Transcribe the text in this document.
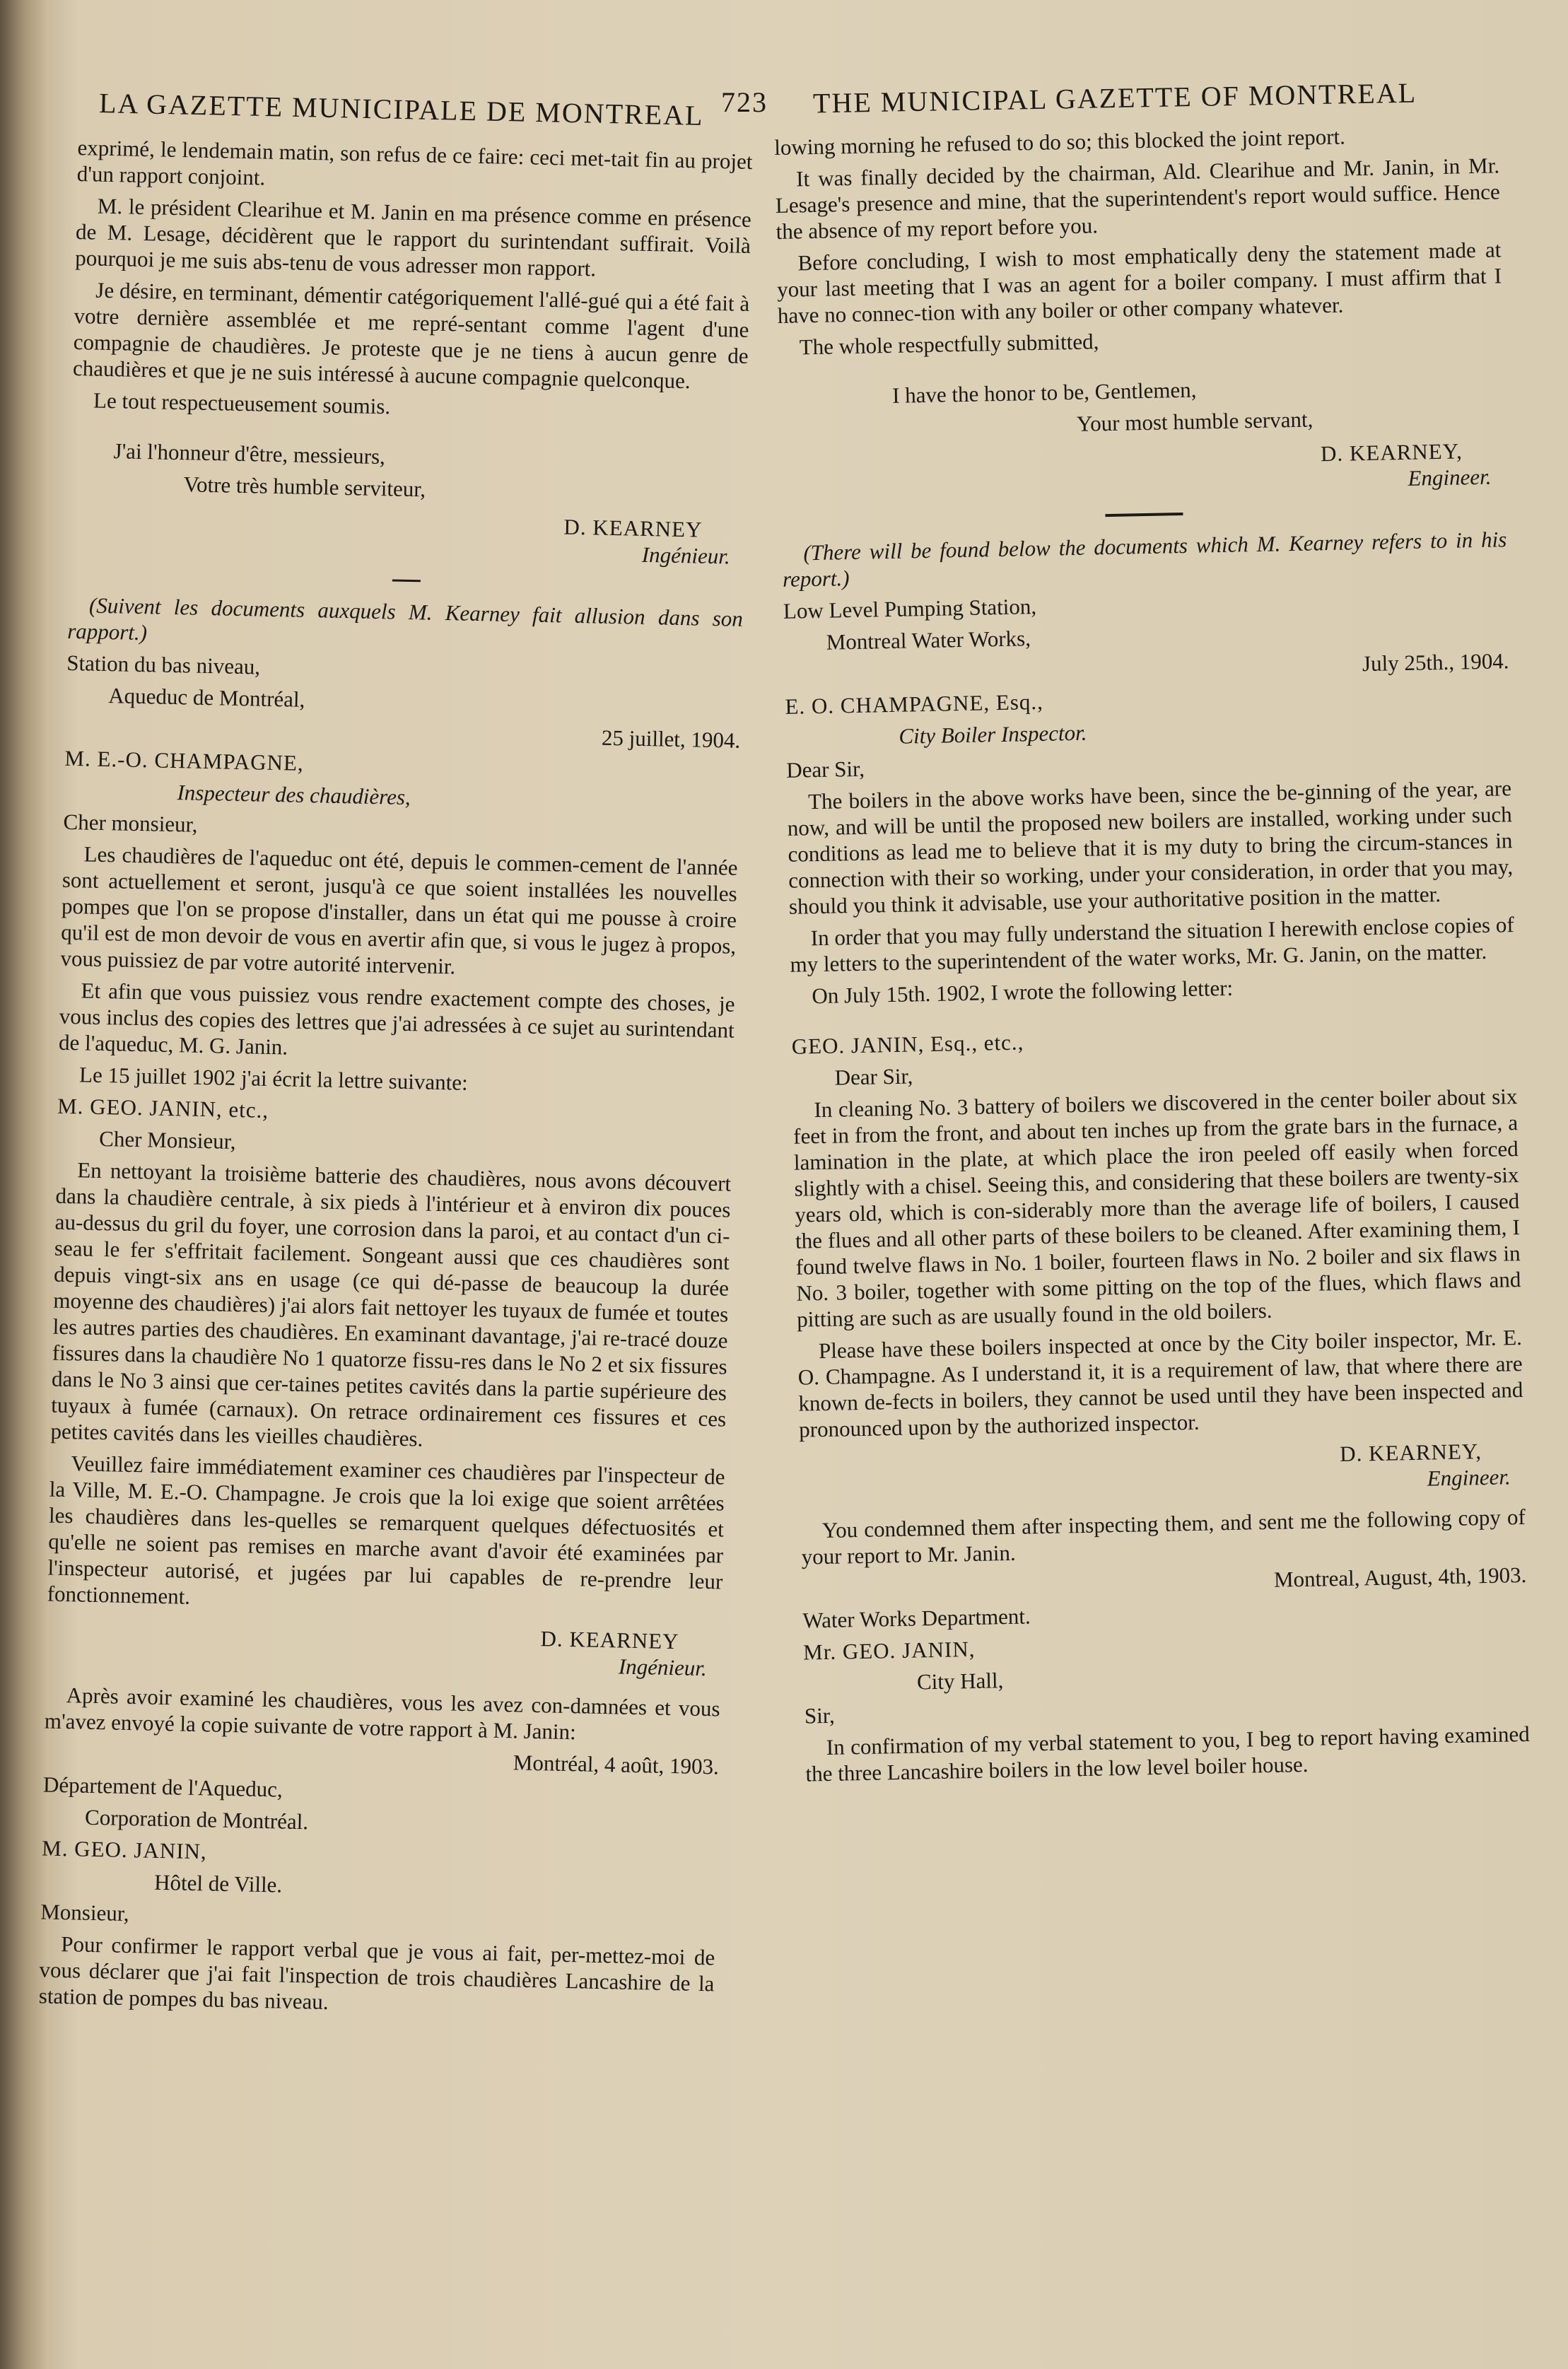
LA GAZETTE MUNICIPALE DE MONTREAL 723 THE MUNICIPAL GAZETTE OF MONTREAL

exprimé, le lendemain matin, son refus de ce faire: ceci met-tait fin au projet d'un rapport conjoint.

M. le président Clearihue et M. Janin en ma présence comme en présence de M. Lesage, décidèrent que le rapport du surintendant suffirait. Voilà pourquoi je me suis abs-tenu de vous adresser mon rapport.

Je désire, en terminant, démentir catégoriquement l'allé-gué qui a été fait à votre dernière assemblée et me repré-sentant comme l'agent d'une compagnie de chaudières. Je proteste que je ne tiens à aucun genre de chaudières et que je ne suis intéressé à aucune compagnie quelconque.

Le tout respectueusement soumis.

J'ai l'honneur d'être, messieurs,

Votre très humble serviteur,

D. KEARNEY

Ingénieur.

(Suivent les documents auxquels M. Kearney fait allusion dans son rapport.)

Station du bas niveau,

Aqueduc de Montréal,

25 juillet, 1904.

M. E.-O. CHAMPAGNE,

Inspecteur des chaudières,

Cher monsieur,

Les chaudières de l'aqueduc ont été, depuis le commen-cement de l'année sont actuellement et seront, jusqu'à ce que soient installées les nouvelles pompes que l'on se propose d'installer, dans un état qui me pousse à croire qu'il est de mon devoir de vous en avertir afin que, si vous le jugez à propos, vous puissiez de par votre autorité intervenir.

Et afin que vous puissiez vous rendre exactement compte des choses, je vous inclus des copies des lettres que j'ai adressées à ce sujet au surintendant de l'aqueduc, M. G. Janin.

Le 15 juillet 1902 j'ai écrit la lettre suivante:

M. GEO. JANIN, etc.,

Cher Monsieur,

En nettoyant la troisième batterie des chaudières, nous avons découvert dans la chaudière centrale, à six pieds à l'intérieur et à environ dix pouces au-dessus du gril du foyer, une corrosion dans la paroi, et au contact d'un ci-seau le fer s'effritait facilement. Songeant aussi que ces chaudières sont depuis vingt-six ans en usage (ce qui dé-passe de beaucoup la durée moyenne des chaudières) j'ai alors fait nettoyer les tuyaux de fumée et toutes les autres parties des chaudières. En examinant davantage, j'ai re-tracé douze fissures dans la chaudière No 1 quatorze fissu-res dans le No 2 et six fissures dans le No 3 ainsi que cer-taines petites cavités dans la partie supérieure des tuyaux à fumée (carnaux). On retrace ordinairement ces fissures et ces petites cavités dans les vieilles chaudières.

Veuillez faire immédiatement examiner ces chaudières par l'inspecteur de la Ville, M. E.-O. Champagne. Je crois que la loi exige que soient arrêtées les chaudières dans les-quelles se remarquent quelques défectuosités et qu'elle ne soient pas remises en marche avant d'avoir été examinées par l'inspecteur autorisé, et jugées par lui capables de re-prendre leur fonctionnement.

D. KEARNEY

Ingénieur.

Après avoir examiné les chaudières, vous les avez con-damnées et vous m'avez envoyé la copie suivante de votre rapport à M. Janin:

Montréal, 4 août, 1903.

Département de l'Aqueduc,

Corporation de Montréal.

M. GEO. JANIN,

Hôtel de Ville.

Monsieur,

Pour confirmer le rapport verbal que je vous ai fait, per-mettez-moi de vous déclarer que j'ai fait l'inspection de trois chaudières Lancashire de la station de pompes du bas niveau.

lowing morning he refused to do so; this blocked the joint report.

It was finally decided by the chairman, Ald. Clearihue and Mr. Janin, in Mr. Lesage's presence and mine, that the superintendent's report would suffice. Hence the absence of my report before you.

Before concluding, I wish to most emphatically deny the statement made at your last meeting that I was an agent for a boiler company. I must affirm that I have no connec-tion with any boiler or other company whatever.

The whole respectfully submitted,

I have the honor to be, Gentlemen,

Your most humble servant,

D. KEARNEY,

Engineer.

(There will be found below the documents which M. Kearney refers to in his report.)

Low Level Pumping Station,

Montreal Water Works,

July 25th., 1904.

E. O. CHAMPAGNE, Esq.,

City Boiler Inspector.

Dear Sir,

The boilers in the above works have been, since the be-ginning of the year, are now, and will be until the proposed new boilers are installed, working under such conditions as lead me to believe that it is my duty to bring the circum-stances in connection with their so working, under your consideration, in order that you may, should you think it advisable, use your authoritative position in the matter.

In order that you may fully understand the situation I herewith enclose copies of my letters to the superintendent of the water works, Mr. G. Janin, on the matter.

On July 15th. 1902, I wrote the following letter:

GEO. JANIN, Esq., etc.,

Dear Sir,

In cleaning No. 3 battery of boilers we discovered in the center boiler about six feet in from the front, and about ten inches up from the grate bars in the furnace, a lamination in the plate, at which place the iron peeled off easily when forced slightly with a chisel. Seeing this, and considering that these boilers are twenty-six years old, which is con-siderably more than the average life of boilers, I caused the flues and all other parts of these boilers to be cleaned. After examining them, I found twelve flaws in No. 1 boiler, fourteen flaws in No. 2 boiler and six flaws in No. 3 boiler, together with some pitting on the top of the flues, which flaws and pitting are such as are usually found in the old boilers.

Please have these boilers inspected at once by the City boiler inspector, Mr. E. O. Champagne. As I understand it, it is a requirement of law, that where there are known de-fects in boilers, they cannot be used until they have been inspected and pronounced upon by the authorized inspector.

D. KEARNEY,

Engineer.

You condemned them after inspecting them, and sent me the following copy of your report to Mr. Janin.

Montreal, August, 4th, 1903.

Water Works Department.

Mr. GEO. JANIN,

City Hall,

Sir,

In confirmation of my verbal statement to you, I beg to report having examined the three Lancashire boilers in the low level boiler house.
